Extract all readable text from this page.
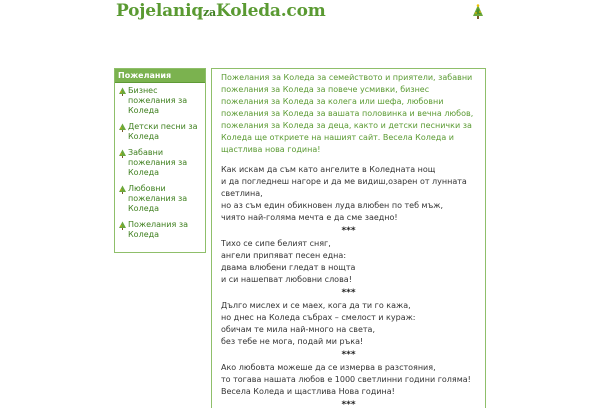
PojelaniqzaKoleda.com
Пожелания
Бизнес пожелания за Коледа
Детски песни за Коледа
Забавни пожелания за Коледа
Любовни пожелания за Коледа
Пожелания за Коледа

Пожелания за Коледа за семейството и приятели, забавни пожелания за Коледа за повече усмивки, бизнес пожелания за Коледа за колега или шефа, любовни пожелания за Коледа за вашата половинка и вечна любов, пожелания за Коледа за деца, както и детски песнички за Коледа ще откриете на нашият сайт. Весела Коледа и щастлива нова година!

Как искам да съм като ангелите в Коледната нощ

и да погледнеш нагоре и да ме видиш,озарен от лунната светлина,

но аз съм един обикновен луда влюбен по теб мъж,

чиято най-голяма мечта е да сме заедно!

***

Тихо се сипе белият сняг,

ангели припяват песен една:

двама влюбени гледат в нощта

и си нашепват любовни слова!

***

Дълго мислех и се маех, кога да ти го кажа,

но днес на Коледа събрах – смелост и кураж:

обичам те мила най-много на света,

без тебе не мога, подай ми ръка!

***

Ако любовта можеше да се измерва в разстояния,

то тогава нашата любов е 1000 светлинни години голяма!

Весела Коледа и щастлива Нова година!

***
